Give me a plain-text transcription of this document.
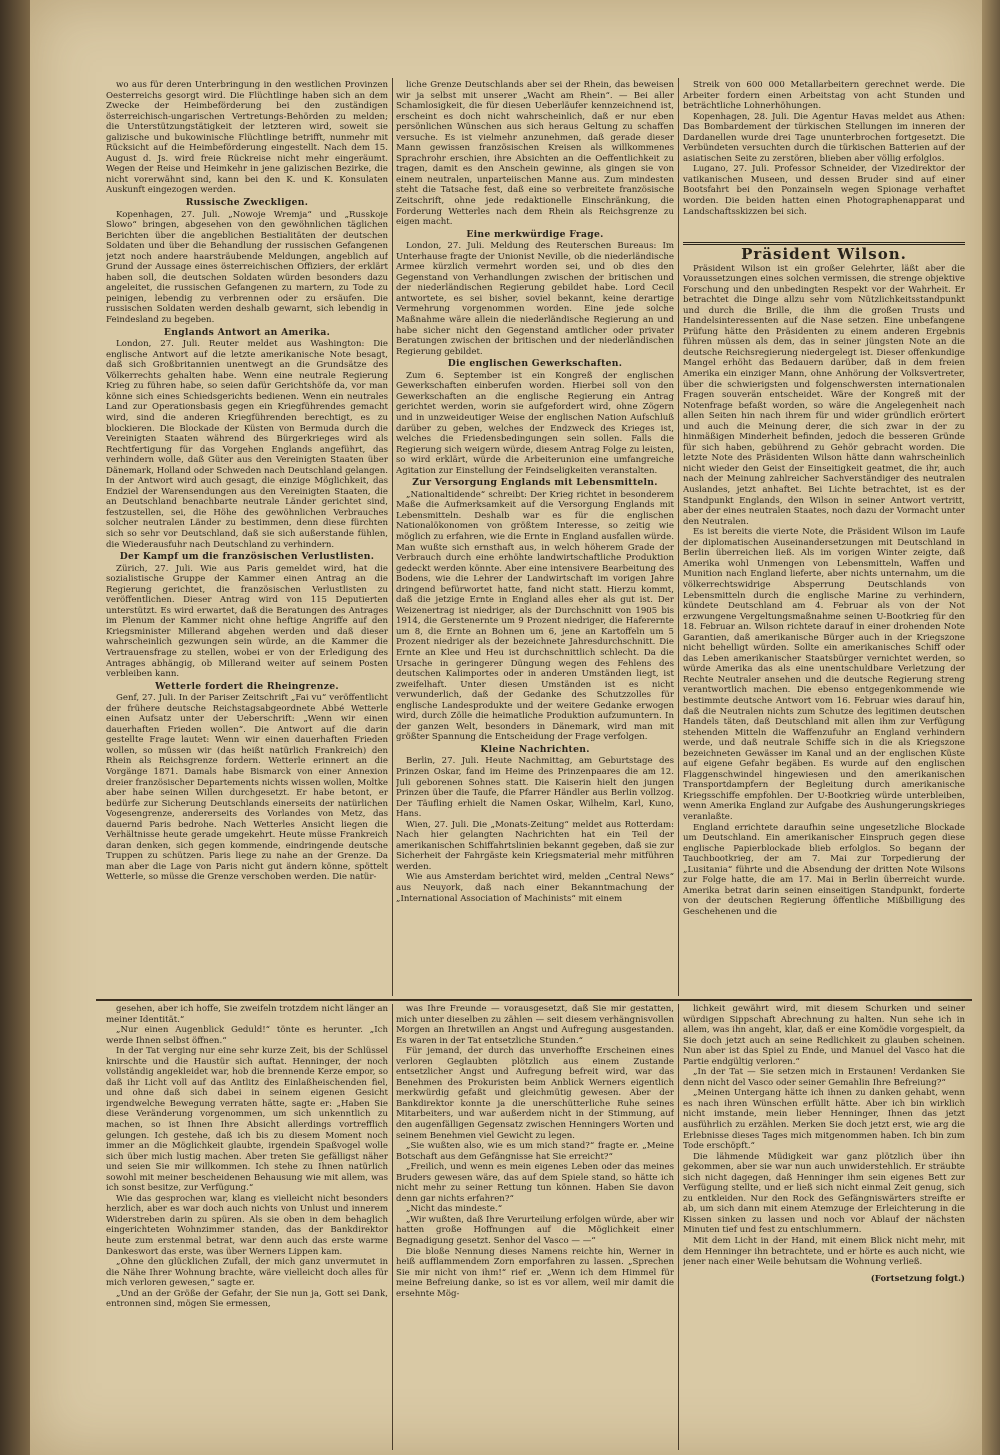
wo aus für deren Unterbringung in den westlichen Provinzen Oesterreichs gesorgt wird. Die Flüchtlinge haben sich an dem Zwecke der Heimbeförderung bei den zuständigen österreichisch-ungarischen Vertretungs-Behörden zu melden; die Unterstützungstätigkeit der letzteren wird, soweit sie galizische und bukowinische Flüchtlinge betrifft, nunmehr mit Rücksicht auf die Heimbeförderung eingestellt. Nach dem 15. August d. Js. wird freie Rückreise nicht mehr eingeräumt. Wegen der Reise und Heimkehr in jene galizischen Bezirke, die nicht vorerwähnt sind, kann bei den K. und K. Konsulaten Auskunft eingezogen werden.

Russische Zweckligen.

Kopenhagen, 27. Juli. „Nowoje Wremja“ und „Russkoje Slowo“ bringen, abgesehen von den gewöhnlichen täglichen Berichten über die angeblichen Bestialitäten der deutschen Soldaten und über die Behandlung der russischen Gefangenen jetzt noch andere haarsträubende Meldungen, angeblich auf Grund der Aussage eines österreichischen Offiziers, der erklärt haben soll, die deutschen Soldaten würden besonders dazu angeleitet, die russischen Gefangenen zu martern, zu Tode zu peinigen, lebendig zu verbrennen oder zu ersäufen. Die russischen Soldaten werden deshalb gewarnt, sich lebendig in Feindesland zu begeben.

Englands Antwort an Amerika.

London, 27. Juli. Reuter meldet aus Washington: Die englische Antwort auf die letzte amerikanische Note besagt, daß sich Großbritannien unentwegt an die Grundsätze des Völkerrechts gehalten habe. Wenn eine neutrale Regierung Krieg zu führen habe, so seien dafür Gerichtshöfe da, vor man könne sich eines Schiedsgerichts bedienen. Wenn ein neutrales Land zur Operationsbasis gegen ein Kriegführendes gemacht wird, sind die anderen Kriegführenden berechtigt, es zu blockieren. Die Blockade der Küsten von Bermuda durch die Vereinigten Staaten während des Bürgerkrieges wird als Rechtfertigung für das Vorgehen Englands angeführt, das verhindern wolle, daß Güter aus den Vereinigten Staaten über Dänemark, Holland oder Schweden nach Deutschland gelangen. In der Antwort wird auch gesagt, die einzige Möglichkeit, das Endziel der Warensendungen aus den Vereinigten Staaten, die an Deutschland benachbarte neutrale Länder gerichtet sind, festzustellen, sei, die Höhe des gewöhnlichen Verbrauches solcher neutralen Länder zu bestimmen, denn diese fürchten sich so sehr vor Deutschland, daß sie sich außerstande fühlen, die Wiederausfuhr nach Deutschland zu verhindern.

Der Kampf um die französischen Verlustlisten.

Zürich, 27. Juli. Wie aus Paris gemeldet wird, hat die sozialistische Gruppe der Kammer einen Antrag an die Regierung gerichtet, die französischen Verlustlisten zu veröffentlichen. Dieser Antrag wird von 115 Deputierten unterstützt. Es wird erwartet, daß die Beratungen des Antrages im Plenum der Kammer nicht ohne heftige Angriffe auf den Kriegsminister Millerand abgehen werden und daß dieser wahrscheinlich gezwungen sein würde, an die Kammer die Vertrauensfrage zu stellen, wobei er von der Erledigung des Antrages abhängig, ob Millerand weiter auf seinem Posten verbleiben kann.

Wetterle fordert die Rheingrenze.

Genf, 27. Juli. In der Pariser Zeitschrift „Fai vu“ veröffentlicht der frühere deutsche Reichstagsabgeordnete Abbé Wetterle einen Aufsatz unter der Ueberschrift: „Wenn wir einen dauerhaften Frieden wollen“. Die Antwort auf die darin gestellte Frage lautet: Wenn wir einen dauerhaften Frieden wollen, so müssen wir (das heißt natürlich Frankreich) den Rhein als Reichsgrenze fordern. Wetterle erinnert an die Vorgänge 1871. Damals habe Bismarck von einer Annexion dreier französischer Departements nichts wissen wollen, Moltke aber habe seinen Willen durchgesetzt. Er habe betont, er bedürfe zur Sicherung Deutschlands einerseits der natürlichen Vogesengrenze, andererseits des Vorlandes von Metz, das dauernd Paris bedrohe. Nach Wetterles Ansicht liegen die Verhältnisse heute gerade umgekehrt. Heute müsse Frankreich daran denken, sich gegen kommende, eindringende deutsche Truppen zu schützen. Paris liege zu nahe an der Grenze. Da man aber die Lage von Paris nicht gut ändern könne, spöttelt Wetterle, so müsse die Grenze verschoben werden. Die natür-

liche Grenze Deutschlands aber sei der Rhein, das beweisen wir ja selbst mit unserer „Wacht am Rhein“. — Bei aller Schamlosigkeit, die für diesen Ueberläufer kennzeichnend ist, erscheint es doch nicht wahrscheinlich, daß er nur eben persönlichen Wünschen aus sich heraus Geltung zu schaffen versuche. Es ist vielmehr anzunehmen, daß gerade dieser Mann gewissen französischen Kreisen als willkommenes Sprachrohr erschien, ihre Absichten an die Oeffentlichkeit zu tragen, damit es den Anschein gewinne, als gingen sie von einem neutralen, unparteiischen Manne aus. Zum mindesten steht die Tatsache fest, daß eine so verbreitete französische Zeitschrift, ohne jede redaktionelle Einschränkung, die Forderung Wetterles nach dem Rhein als Reichsgrenze zu eigen macht.

Eine merkwürdige Frage.

London, 27. Juli. Meldung des Reuterschen Bureaus: Im Unterhause fragte der Unionist Neville, ob die niederländische Armee kürzlich vermehrt worden sei, und ob dies den Gegenstand von Verhandlungen zwischen der britischen und der niederländischen Regierung gebildet habe. Lord Cecil antwortete, es sei bisher, soviel bekannt, keine derartige Vermehrung vorgenommen worden. Eine jede solche Maßnahme wäre allein die niederländische Regierung an und habe sicher nicht den Gegenstand amtlicher oder privater Beratungen zwischen der britischen und der niederländischen Regierung gebildet.

Die englischen Gewerkschaften.

Zum 6. September ist ein Kongreß der englischen Gewerkschaften einberufen worden. Hierbei soll von den Gewerkschaften an die englische Regierung ein Antrag gerichtet werden, worin sie aufgefordert wird, ohne Zögern und in unzweideutiger Weise der englischen Nation Aufschluß darüber zu geben, welches der Endzweck des Krieges ist, welches die Friedensbedingungen sein sollen. Falls die Regierung sich weigern würde, diesem Antrag Folge zu leisten, so wird erklärt, würde die Arbeiterunion eine umfangreiche Agitation zur Einstellung der Feindseligkeiten veranstalten.

Zur Versorgung Englands mit Lebensmitteln.

„Nationaltidende“ schreibt: Der Krieg richtet in besonderem Maße die Aufmerksamkeit auf die Versorgung Englands mit Lebensmitteln. Deshalb war es für die englischen Nationalökonomen von größtem Interesse, so zeitig wie möglich zu erfahren, wie die Ernte in England ausfallen würde. Man wußte sich ernsthaft aus, in welch höherem Grade der Verbrauch durch eine erhöhte landwirtschaftliche Produktion gedeckt werden könnte. Aber eine intensivere Bearbeitung des Bodens, wie die Lehrer der Landwirtschaft im vorigen Jahre dringend befürwortet hatte, fand nicht statt. Hierzu kommt, daß die jetzige Ernte in England alles eher als gut ist. Der Weizenertrag ist niedriger, als der Durchschnitt von 1905 bis 1914, die Gerstenernte um 9 Prozent niedriger, die Haferernte um 8, die Ernte an Bohnen um 6, jene an Kartoffeln um 5 Prozent niedriger als der bezeichnete Jahresdurchschnitt. Die Ernte an Klee und Heu ist durchschnittlich schlecht. Da die Ursache in geringerer Düngung wegen des Fehlens des deutschen Kalimportes oder in anderen Umständen liegt, ist zweifelhaft. Unter diesen Umständen ist es nicht verwunderlich, daß der Gedanke des Schutzzolles für englische Landesprodukte und der weitere Gedanke erwogen wird, durch Zölle die heimatliche Produktion aufzumuntern. In der ganzen Welt, besonders in Dänemark, wird man mit größter Spannung die Entscheidung der Frage verfolgen.

Kleine Nachrichten.

Berlin, 27. Juli. Heute Nachmittag, am Geburtstage des Prinzen Oskar, fand im Heime des Prinzenpaares die am 12. Juli geborenen Sohnes statt. Die Kaiserin hielt den jungen Prinzen über die Taufe, die Pfarrer Händler aus Berlin vollzog. Der Täufling erhielt die Namen Oskar, Wilhelm, Karl, Kuno, Hans.

Wien, 27. Juli. Die „Monats-Zeitung“ meldet aus Rotterdam: Nach hier gelangten Nachrichten hat ein Teil der amerikanischen Schiffahrtslinien bekannt gegeben, daß sie zur Sicherheit der Fahrgäste kein Kriegsmaterial mehr mitführen werden.

Wie aus Amsterdam berichtet wird, melden „Central News“ aus Neuyork, daß nach einer Bekanntmachung der „International Association of Machinists“ mit einem

Streik von 600 000 Metallarbeitern gerechnet werde. Die Arbeiter fordern einen Arbeitstag von acht Stunden und beträchtliche Lohnerhöhungen.

Kopenhagen, 28. Juli. Die Agentur Havas meldet aus Athen: Das Bombardement der türkischen Stellungen im inneren der Dardanellen wurde drei Tage ununterbrochen fortgesetzt. Die Verbündeten versuchten durch die türkischen Batterien auf der asiatischen Seite zu zerstören, blieben aber völlig erfolglos.

Lugano, 27. Juli. Professor Schneider, der Vizedirektor der vatikanischen Museen, und dessen Bruder sind auf einer Bootsfahrt bei den Ponzainseln wegen Spionage verhaftet worden. Die beiden hatten einen Photographenapparat und Landschaftsskizzen bei sich.

Präsident Wilson.

Präsident Wilson ist ein großer Gelehrter, läßt aber die Voraussetzungen eines solchen vermissen, die strenge objektive Forschung und den unbedingten Respekt vor der Wahrheit. Er betrachtet die Dinge allzu sehr vom Nützlichkeitsstandpunkt und durch die Brille, die ihm die großen Trusts und Handelsinteressenten auf die Nase setzen. Eine unbefangene Prüfung hätte den Präsidenten zu einem anderen Ergebnis führen müssen als dem, das in seiner jüngsten Note an die deutsche Reichsregierung niedergelegt ist. Dieser offenkundige Mangel erhöht das Bedauern darüber, daß in dem freien Amerika ein einziger Mann, ohne Anhörung der Volksvertreter, über die schwierigsten und folgenschwersten internationalen Fragen souverän entscheidet. Wäre der Kongreß mit der Notenfrage befaßt worden, so wäre die Angelegenheit nach allen Seiten hin nach ihrem für und wider gründlich erörtert und auch die Meinung derer, die sich zwar in der zu hinmäßigen Minderheit befinden, jedoch die besseren Gründe für sich haben, gebührend zu Gehör gebracht worden. Die letzte Note des Präsidenten Wilson hätte dann wahrscheinlich nicht wieder den Geist der Einseitigkeit geatmet, die ihr, auch nach der Meinung zahlreicher Sachverständiger des neutralen Auslandes, jetzt anhaftet. Bei Lichte betrachtet, ist es der Standpunkt Englands, den Wilson in seiner Antwort vertritt, aber der eines neutralen Staates, noch dazu der Vormacht unter den Neutralen.

Es ist bereits die vierte Note, die Präsident Wilson im Laufe der diplomatischen Auseinandersetzungen mit Deutschland in Berlin überreichen ließ. Als im vorigen Winter zeigte, daß Amerika wohl Unmengen von Lebensmitteln, Waffen und Munition nach England lieferte, aber nichts unternahm, um die völkerrechtswidrige Absperrung Deutschlands von Lebensmitteln durch die englische Marine zu verhindern, kündete Deutschland am 4. Februar als von der Not erzwungene Vergeltungsmaßnahme seinen U-Bootkrieg für den 18. Februar an. Wilson richtete darauf in einer drohenden Note Garantien, daß amerikanische Bürger auch in der Kriegszone nicht behelligt würden. Sollte ein amerikanisches Schiff oder das Leben amerikanischer Staatsbürger vernichtet werden, so würde Amerika das als eine unentschuldbare Verletzung der Rechte Neutraler ansehen und die deutsche Regierung streng verantwortlich machen. Die ebenso entgegenkommende wie bestimmte deutsche Antwort vom 16. Februar wies darauf hin, daß die Neutralen nichts zum Schutze des legitimen deutschen Handels täten, daß Deutschland mit allen ihm zur Verfügung stehenden Mitteln die Waffenzufuhr an England verhindern werde, und daß neutrale Schiffe sich in die als Kriegszone bezeichneten Gewässer im Kanal und an der englischen Küste auf eigene Gefahr begäben. Es wurde auf den englischen Flaggenschwindel hingewiesen und den amerikanischen Transportdampfern der Begleitung durch amerikanische Kriegsschiffe empfohlen. Der U-Bootkrieg würde unterbleiben, wenn Amerika England zur Aufgabe des Aushungerungskrieges veranlaßte.

England errichtete daraufhin seine ungesetzliche Blockade um Deutschland. Ein amerikanischer Einspruch gegen diese englische Papierblockade blieb erfolglos. So begann der Tauchbootkrieg, der am 7. Mai zur Torpedierung der „Lusitania“ führte und die Absendung der dritten Note Wilsons zur Folge hatte, die am 17. Mai in Berlin überreicht wurde. Amerika betrat darin seinen einseitigen Standpunkt, forderte von der deutschen Regierung öffentliche Mißbilligung des Geschehenen und die

gesehen, aber ich hoffe, Sie zweifeln trotzdem nicht länger an meiner Identität.“

„Nur einen Augenblick Geduld!“ tönte es herunter. „Ich werde Ihnen selbst öffnen.“

In der Tat verging nur eine sehr kurze Zeit, bis der Schlüssel knirschte und die Haustür sich auftat. Henninger, der noch vollständig angekleidet war, hob die brennende Kerze empor, so daß ihr Licht voll auf das Antlitz des Einlaßheischenden fiel, und ohne daß sich dabei in seinem eigenen Gesicht irgendwelche Bewegung verraten hätte, sagte er: „Haben Sie diese Veränderung vorgenommen, um sich unkenntlich zu machen, so ist Ihnen Ihre Absicht allerdings vortrefflich gelungen. Ich gestehe, daß ich bis zu diesem Moment noch immer an die Möglichkeit glaubte, irgendein Spaßvogel wolle sich über mich lustig machen. Aber treten Sie gefälligst näher und seien Sie mir willkommen. Ich stehe zu Ihnen natürlich sowohl mit meiner bescheidenen Behausung wie mit allem, was ich sonst besitze, zur Verfügung.“

Wie das gesprochen war, klang es vielleicht nicht besonders herzlich, aber es war doch auch nichts von Unlust und innerem Widerstreben darin zu spüren. Als sie oben in dem behaglich eingerichteten Wohnzimmer standen, das der Bankdirektor heute zum erstenmal betrat, war denn auch das erste warme Dankeswort das erste, was über Werners Lippen kam.

„Ohne den glücklichen Zufall, der mich ganz unvermutet in die Nähe Ihrer Wohnung brachte, wäre vielleicht doch alles für mich verloren gewesen,“ sagte er.

„Und an der Größe der Gefahr, der Sie nun ja, Gott sei Dank, entronnen sind, mögen Sie ermessen,

was Ihre Freunde — vorausgesetzt, daß Sie mir gestatten, mich unter dieselben zu zählen — seit diesem verhängnisvollen Morgen an Ihretwillen an Angst und Aufregung ausgestanden. Es waren in der Tat entsetzliche Stunden.“

Für jemand, der durch das unverhoffte Erscheinen eines verloren Geglaubten plötzlich aus einem Zustande entsetzlicher Angst und Aufregung befreit wird, war das Benehmen des Prokuristen beim Anblick Werners eigentlich merkwürdig gefaßt und gleichmütig gewesen. Aber der Bankdirektor konnte ja die unerschütterliche Ruhe seines Mitarbeiters, und war außerdem nicht in der Stimmung, auf den augenfälligen Gegensatz zwischen Henningers Worten und seinem Benehmen viel Gewicht zu legen.

„Sie wußten also, wie es um mich stand?“ fragte er. „Meine Botschaft aus dem Gefängnisse hat Sie erreicht?“

„Freilich, und wenn es mein eigenes Leben oder das meines Bruders gewesen wäre, das auf dem Spiele stand, so hätte ich nicht mehr zu seiner Rettung tun können. Haben Sie davon denn gar nichts erfahren?“

„Nicht das mindeste.“

„Wir wußten, daß Ihre Verurteilung erfolgen würde, aber wir hatten große Hoffnungen auf die Möglichkeit einer Begnadigung gesetzt. Senhor del Vasco — —“

Die bloße Nennung dieses Namens reichte hin, Werner in heiß aufflammendem Zorn emporfahren zu lassen. „Sprechen Sie mir nicht von ihm!“ rief er. „Wenn ich dem Himmel für meine Befreiung danke, so ist es vor allem, weil mir damit die ersehnte Mög-

lichkeit gewährt wird, mit diesem Schurken und seiner würdigen Sippschaft Abrechnung zu halten. Nun sehe ich in allem, was ihn angeht, klar, daß er eine Komödie vorgespielt, da Sie doch jetzt auch an seine Redlichkeit zu glauben scheinen. Nun aber ist das Spiel zu Ende, und Manuel del Vasco hat die Partie endgültig verloren.“

„In der Tat — Sie setzen mich in Erstaunen! Verdanken Sie denn nicht del Vasco oder seiner Gemahlin Ihre Befreiung?“

„Meinen Untergang hätte ich ihnen zu danken gehabt, wenn es nach ihren Wünschen erfüllt hätte. Aber ich bin wirklich nicht imstande, mein lieber Henninger, Ihnen das jetzt ausführlich zu erzählen. Merken Sie doch jetzt erst, wie arg die Erlebnisse dieses Tages mich mitgenommen haben. Ich bin zum Tode erschöpft.“

Die lähmende Müdigkeit war ganz plötzlich über ihn gekommen, aber sie war nun auch unwiderstehlich. Er sträubte sich nicht dagegen, daß Henninger ihm sein eigenes Bett zur Verfügung stellte, und er ließ sich nicht einmal Zeit genug, sich zu entkleiden. Nur den Rock des Gefängniswärters streifte er ab, um sich dann mit einem Atemzuge der Erleichterung in die Kissen sinken zu lassen und noch vor Ablauf der nächsten Minuten tief und fest zu entschlummern.

Mit dem Licht in der Hand, mit einem Blick nicht mehr, mit dem Henninger ihn betrachtete, und er hörte es auch nicht, wie jener nach einer Weile behutsam die Wohnung verließ.

(Fortsetzung folgt.)
